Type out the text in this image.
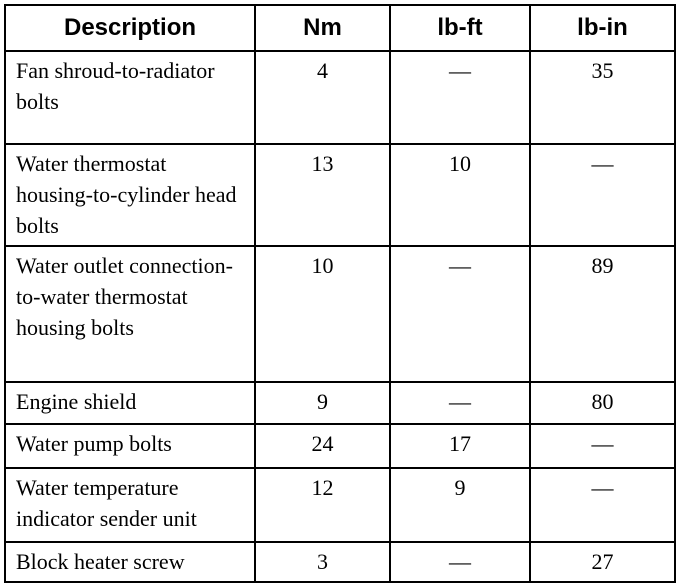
Description	Nm	lb-ft	lb-in
Fan shroud-to-radiator bolts	4	—	35
Water thermostat housing-to-cylinder head bolts	13	10	—
Water outlet connection-to-water thermostat housing bolts	10	—	89
Engine shield	9	—	80
Water pump bolts	24	17	—
Water temperature indicator sender unit	12	9	—
Block heater screw	3	—	27
